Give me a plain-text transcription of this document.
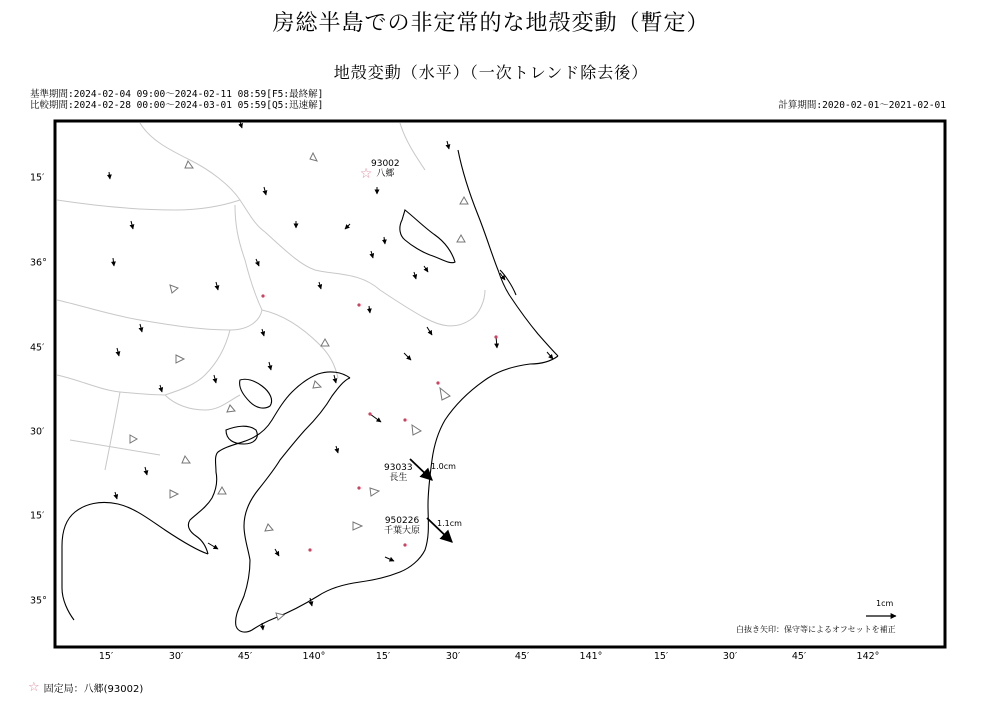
房総半島での非定常的な地殻変動（暫定）
地殻変動（水平）（一次トレンド除去後）
基準期間:2024-02-04 09:00～2024-02-11 08:59[F5:最終解]
比較期間:2024-02-28 00:00～2024-03-01 05:59[Q5:迅速解]	計算期間:2020-02-01～2021-02-01
☆
15′	30′	45′	140°	15′	30′	45′	141°	15′	30′	45′	142°
15′
36°
45′
30′
15′
35°
93002
八郷
93033
長生
1.0cm
950226
千葉大原
1.1cm
1cm
白抜き矢印：保守等によるオフセットを補正
☆ 固定局：八郷(93002)
